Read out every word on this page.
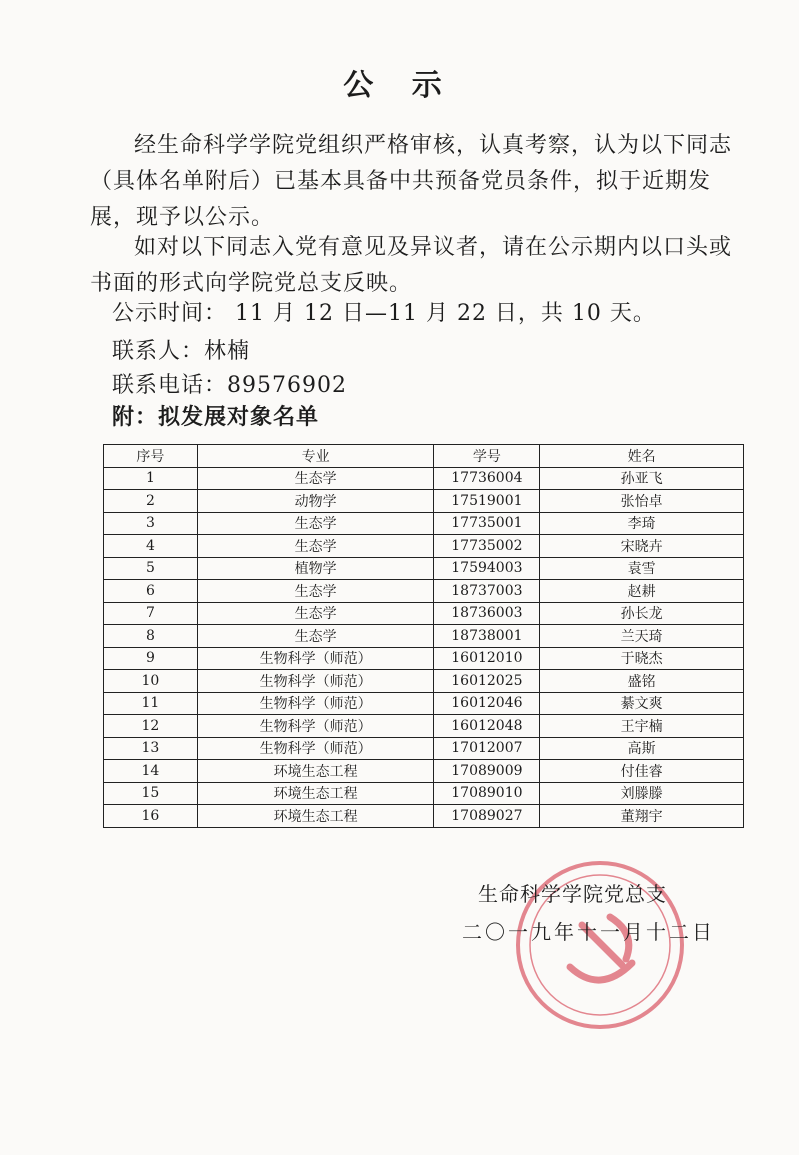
公 示
经生命科学学院党组织严格审核，认真考察，认为以下同志（具体名单附后）已基本具备中共预备党员条件，拟于近期发展，现予以公示。
如对以下同志入党有意见及异议者，请在公示期内以口头或书面的形式向学院党总支反映。
公示时间： 11 月 12 日—11 月 22 日，共 10 天。
联系人：林楠
联系电话：89576902
附：拟发展对象名单
序号	专业	学号	姓名
1	生态学	17736004	孙亚飞
2	动物学	17519001	张怡卓
3	生态学	17735001	李琦
4	生态学	17735002	宋晓卉
5	植物学	17594003	袁雪
6	生态学	18737003	赵耕
7	生态学	18736003	孙长龙
8	生态学	18738001	兰天琦
9	生物科学（师范）	16012010	于晓杰
10	生物科学（师范）	16012025	盛铭
11	生物科学（师范）	16012046	綦文爽
12	生物科学（师范）	16012048	王宇楠
13	生物科学（师范）	17012007	高斯
14	环境生态工程	17089009	付佳睿
15	环境生态工程	17089010	刘滕滕
16	环境生态工程	17089027	董翔宇
生命科学学院党总支
二〇一九年十一月十二日
